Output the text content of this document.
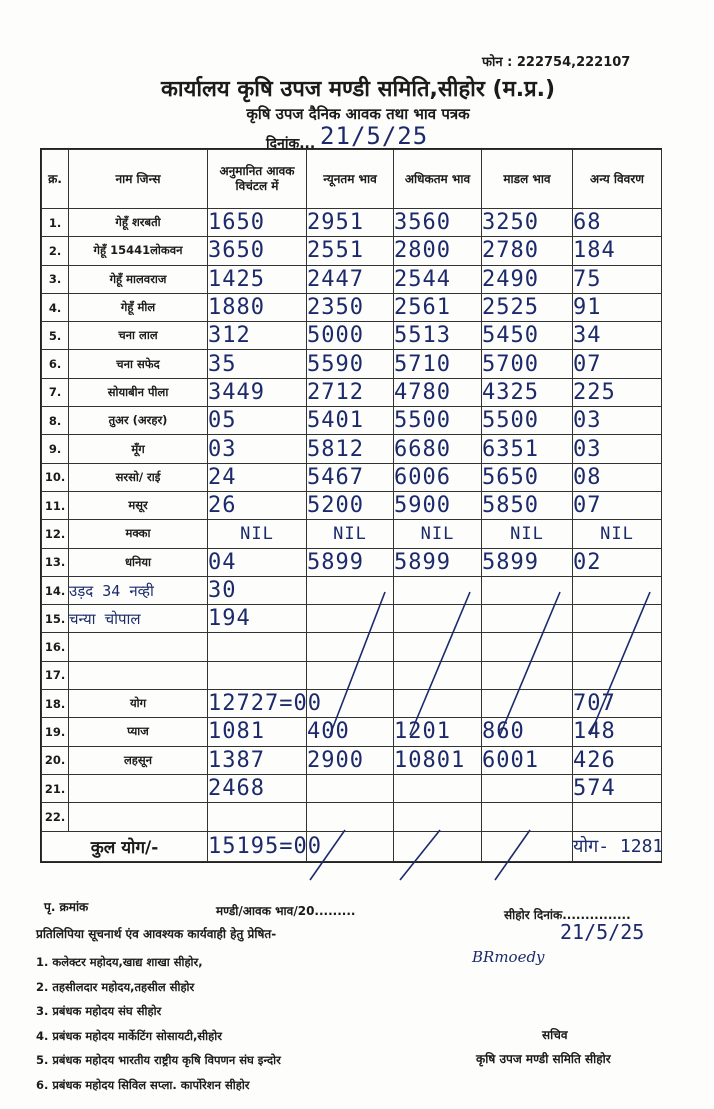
फोन : 222754,222107
कार्यालय कृषि उपज मण्डी समिति,सीहोर (म.प्र.)
कृषि उपज दैनिक आवक तथा भाव पत्रक
दिनांक... 21/5/25
क्र.	नाम जिन्स	अनुमानित आवक विचंटल में	न्यूनतम भाव	अधिकतम भाव	माडल भाव	अन्य विवरण
1.	गेहूँ शरबती	1650	2951	3560	3250	68
2.	गेहूँ 15441लोकवन	3650	2551	2800	2780	184
3.	गेहूँ मालवराज	1425	2447	2544	2490	75
4.	गेहूँ मील	1880	2350	2561	2525	91
5.	चना लाल	312	5000	5513	5450	34
6.	चना सफेद	35	5590	5710	5700	07
7.	सोयाबीन पीला	3449	2712	4780	4325	225
8.	तुअर (अरहर)	05	5401	5500	5500	03
9.	मूँग	03	5812	6680	6351	03
10.	सरसो/ राई	24	5467	6006	5650	08
11.	मसूर	26	5200	5900	5850	07
12.	मक्का	NIL	NIL	NIL	NIL	NIL
13.	धनिया	04	5899	5899	5899	02
14.	उड़द 34 नव्ही	30				
15.	चन्या चोपाल	194				
16.						
17.						
18.	योग	12727=00				707
19.	प्याज	1081	400	1201	860	148
20.	लहसून	1387	2900	10801	6001	426
21.		2468				574
22.						
कुल योग/-		15195=00				योग- 1281
पृ. क्रमांक	मण्डी/आवक भाव/20.........	सीहोर दिनांक...............
प्रतिलिपिया सूचनार्थ एंव आवश्यक कार्यवाही हेतु प्रेषित-
1. कलेक्टर महोदय,खाद्य शाखा सीहोर,
2. तहसीलदार महोदय,तहसील सीहोर
3. प्रबंधक महोदय संघ सीहोर
4. प्रबंधक महोदय मार्केटिंग सोसायटी,सीहोर
5. प्रबंधक महोदय भारतीय राष्ट्रीय कृषि विपणन संघ इन्दोर
6. प्रबंधक महोदय सिविल सप्ला. कार्पोरेशन सीहोर
21/5/25
BRmoedy
सचिव
कृषि उपज मण्डी समिति सीहोर
